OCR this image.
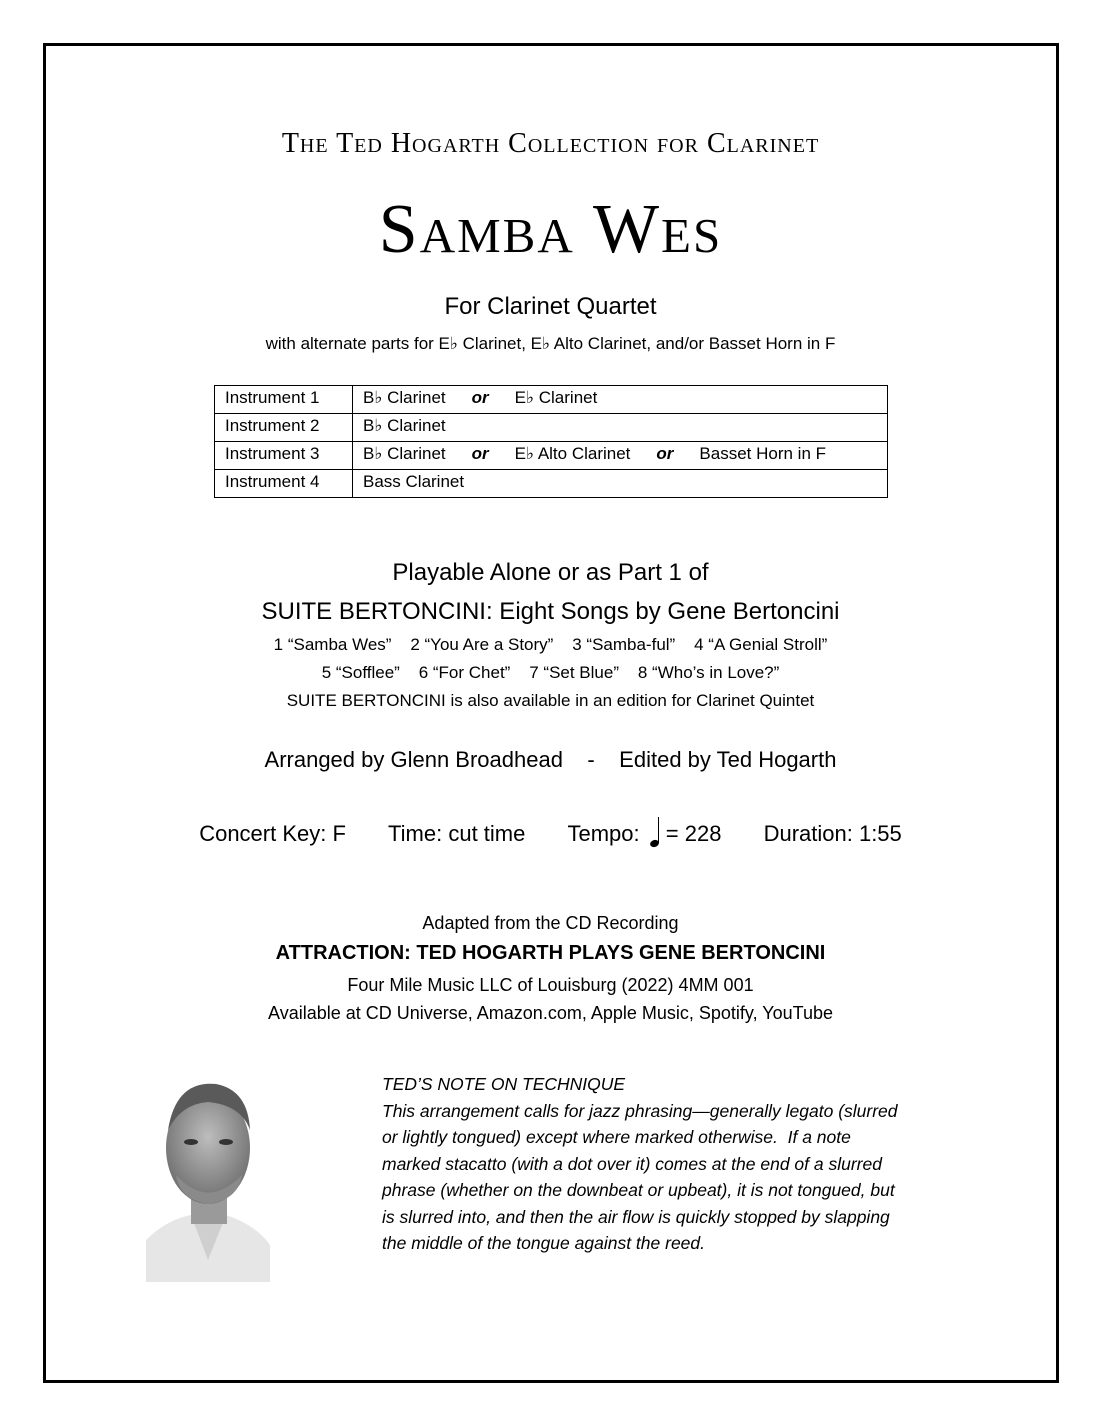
The Ted Hogarth Collection for Clarinet
Samba Wes
For Clarinet Quartet
with alternate parts for E♭ Clarinet, E♭ Alto Clarinet, and/or Basset Horn in F
Instrument 1	B♭ Clarinet or E♭ Clarinet
Instrument 2	B♭ Clarinet
Instrument 3	B♭ Clarinet or E♭ Alto Clarinet or Basset Horn in F
Instrument 4	Bass Clarinet
Playable Alone or as Part 1 of
SUITE BERTONCINI: Eight Songs by Gene Bertoncini
1 “Samba Wes”    2 “You Are a Story”    3 “Samba-ful”    4 “A Genial Stroll”
5 “Sofflee”    6 “For Chet”    7 “Set Blue”    8 “Who’s in Love?”
SUITE BERTONCINI is also available in an edition for Clarinet Quintet
Arranged by Glenn Broadhead    -    Edited by Ted Hogarth
Concert Key: F Time: cut time Tempo: = 228 Duration: 1:55
Adapted from the CD Recording
ATTRACTION: TED HOGARTH PLAYS GENE BERTONCINI
Four Mile Music LLC of Louisburg (2022) 4MM 001
Available at CD Universe, Amazon.com, Apple Music, Spotify, YouTube
TED’S NOTE ON TECHNIQUE
This arrangement calls for jazz phrasing—generally legato (slurred
or lightly tongued) except where marked otherwise.  If a note
marked stacatto (with a dot over it) comes at the end of a slurred
phrase (whether on the downbeat or upbeat), it is not tongued, but
is slurred into, and then the air flow is quickly stopped by slapping
the middle of the tongue against the reed.
